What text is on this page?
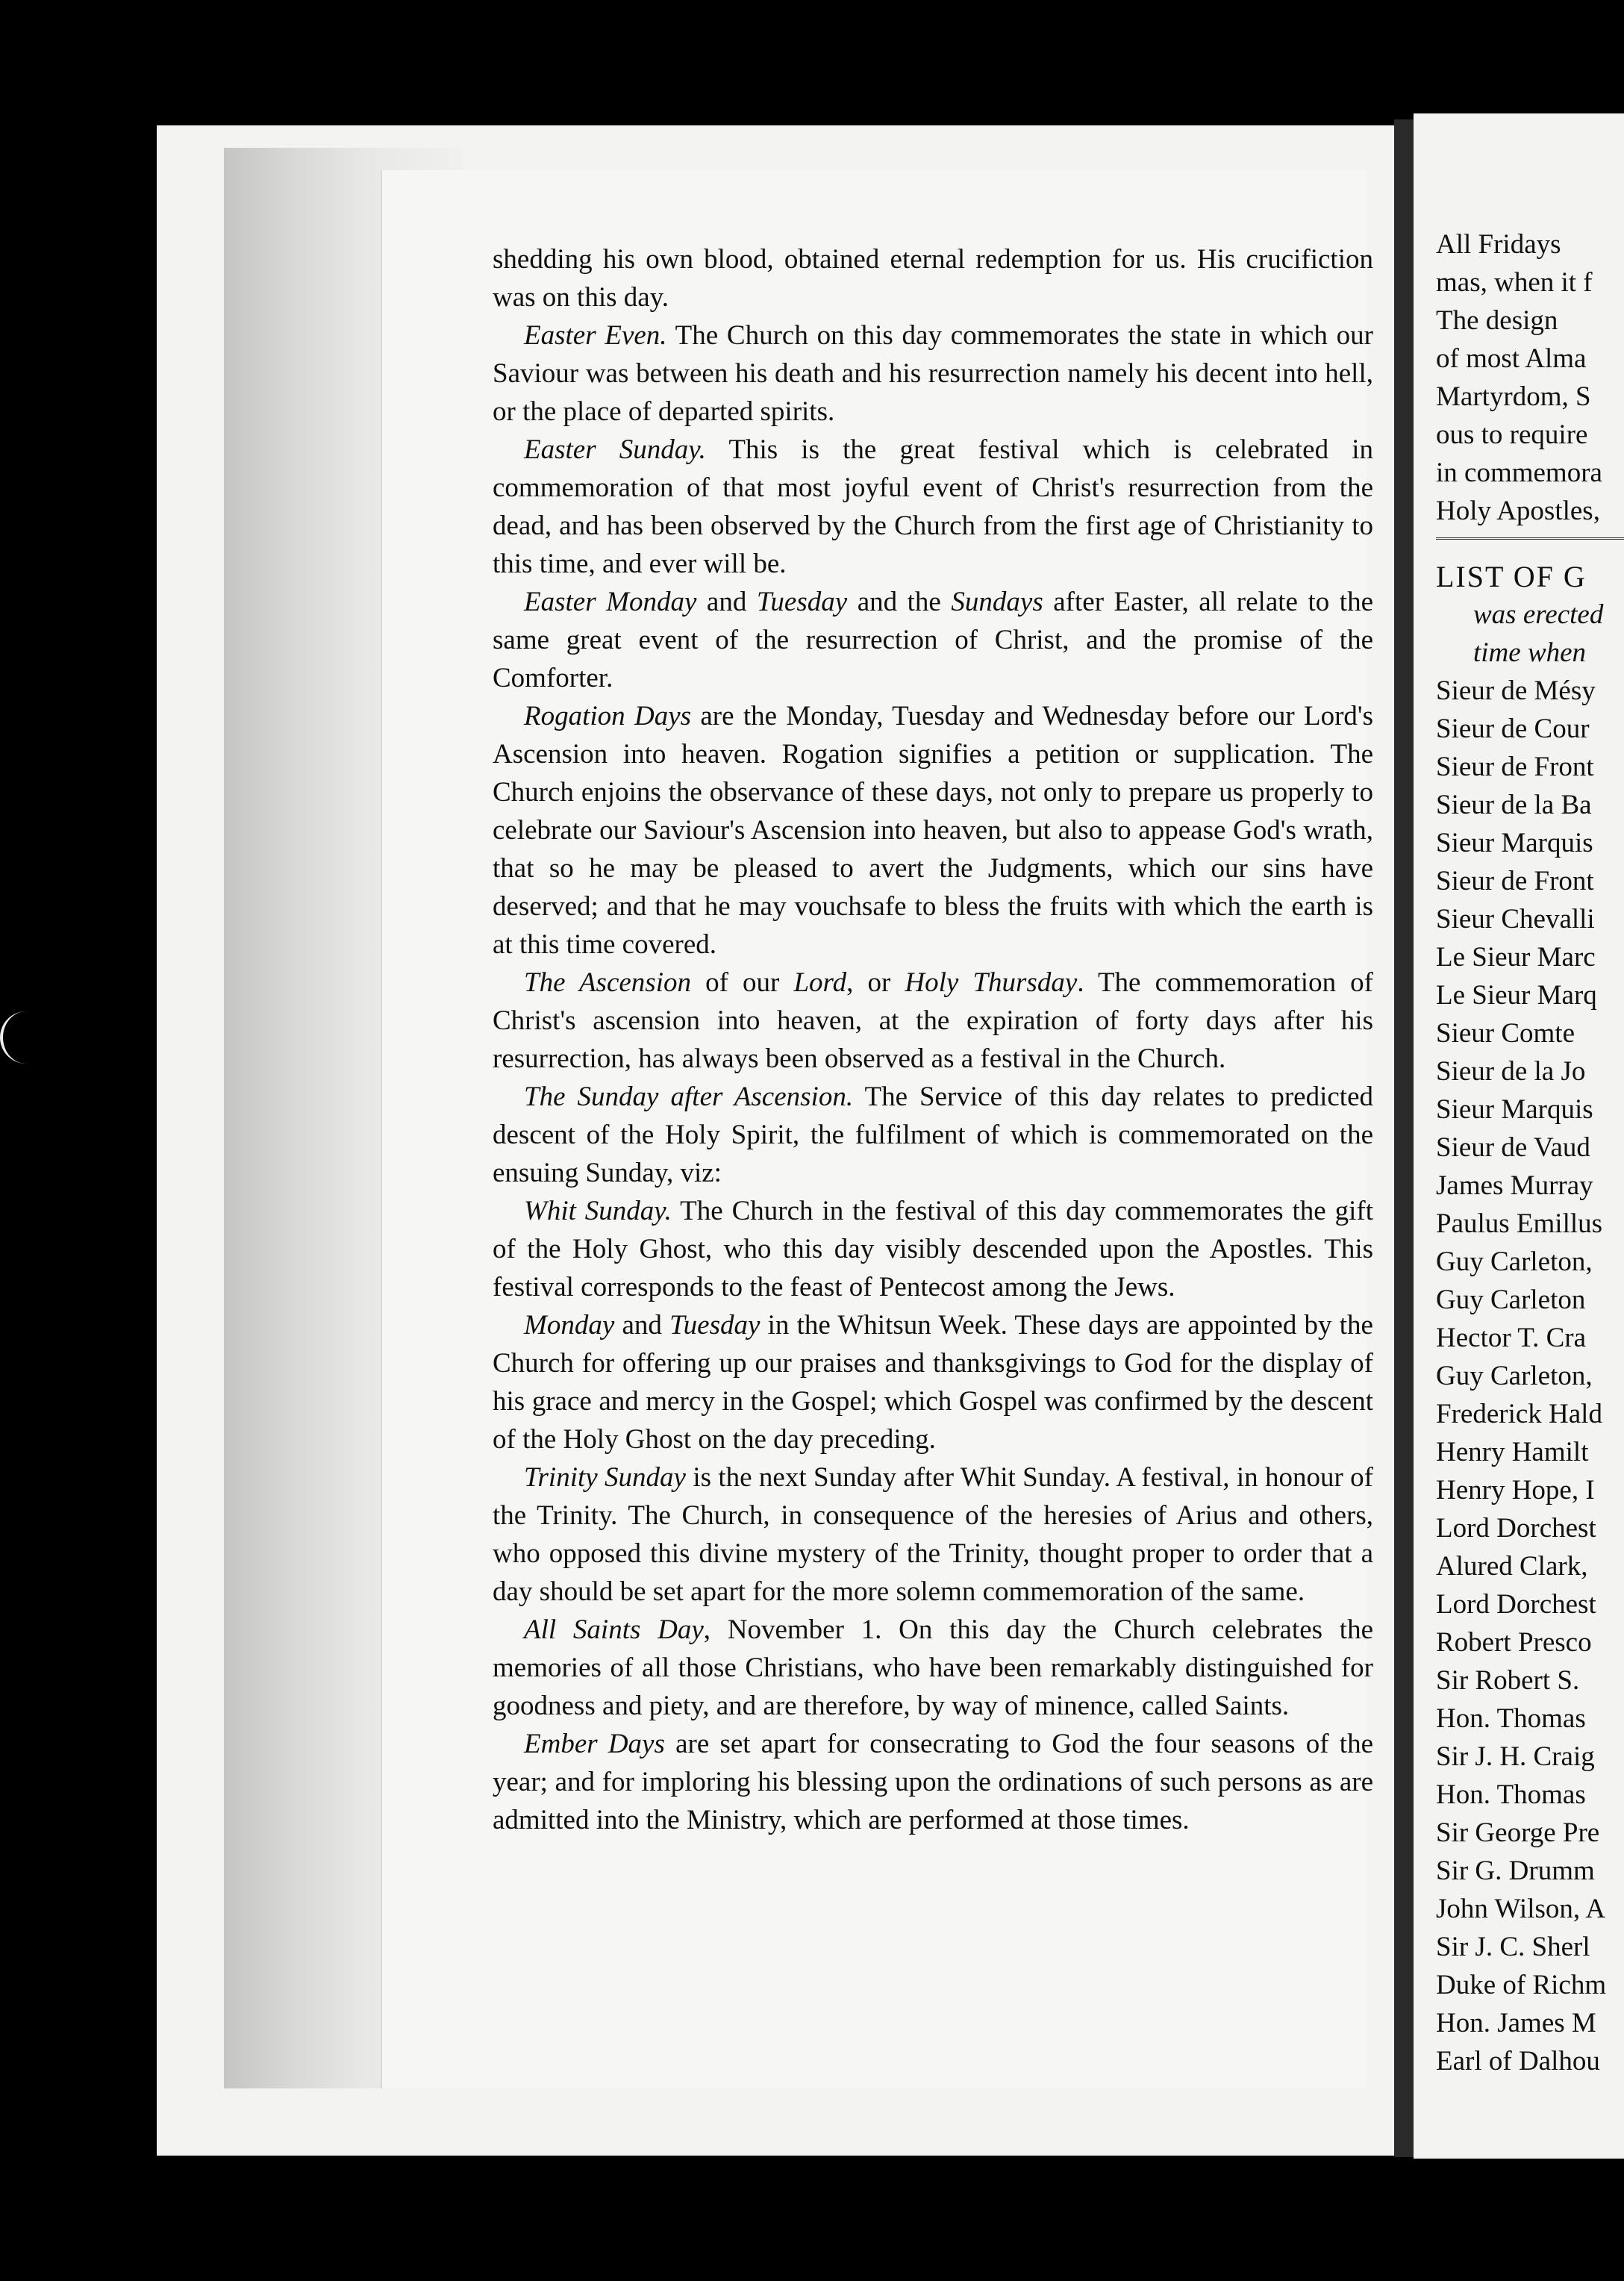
shedding his own blood, obtained eternal redemption for us. His crucifiction was on this day.

Easter Even. The Church on this day commemorates the state in which our Saviour was between his death and his resurrection namely his decent into hell, or the place of departed spirits.

Easter Sunday. This is the great festival which is celebrated in commemoration of that most joyful event of Christ's resurrection from the dead, and has been observed by the Church from the first age of Christianity to this time, and ever will be.

Easter Monday and Tuesday and the Sundays after Easter, all relate to the same great event of the resurrection of Christ, and the promise of the Comforter.

Rogation Days are the Monday, Tuesday and Wednesday before our Lord's Ascension into heaven. Rogation signifies a petition or supplication. The Church enjoins the observance of these days, not only to prepare us properly to celebrate our Saviour's Ascension into heaven, but also to appease God's wrath, that so he may be pleased to avert the Judgments, which our sins have deserved; and that he may vouchsafe to bless the fruits with which the earth is at this time covered.

The Ascension of our Lord, or Holy Thursday. The commemoration of Christ's ascension into heaven, at the expiration of forty days after his resurrection, has always been observed as a festival in the Church.

The Sunday after Ascension. The Service of this day relates to predicted descent of the Holy Spirit, the fulfilment of which is commemorated on the ensuing Sunday, viz:

Whit Sunday. The Church in the festival of this day commemorates the gift of the Holy Ghost, who this day visibly descended upon the Apostles. This festival corresponds to the feast of Pentecost among the Jews.

Monday and Tuesday in the Whitsun Week. These days are appointed by the Church for offering up our praises and thanksgivings to God for the display of his grace and mercy in the Gospel; which Gospel was confirmed by the descent of the Holy Ghost on the day preceding.

Trinity Sunday is the next Sunday after Whit Sunday. A festival, in honour of the Trinity. The Church, in consequence of the heresies of Arius and others, who opposed this divine mystery of the Trinity, thought proper to order that a day should be set apart for the more solemn commemoration of the same.

All Saints Day, November 1. On this day the Church celebrates the memories of all those Christians, who have been remarkably distinguished for goodness and piety, and are therefore, by way of minence, called Saints.

Ember Days are set apart for consecrating to God the four seasons of the year; and for imploring his blessing upon the ordinations of such persons as are admitted into the Ministry, which are performed at those times.

All Fridays
mas, when it f
The design
of most Alma
Martyrdom, S
ous to require
in commemora
Holy Apostles,
LIST OF G
was erected
time when
Sieur de Mésy
Sieur de Cour
Sieur de Front
Sieur de la Ba
Sieur Marquis
Sieur de Front
Sieur Chevalli
Le Sieur Marc
Le Sieur Marq
Sieur Comte
Sieur de la Jo
Sieur Marquis
Sieur de Vaud
James Murray
Paulus Emillus
Guy Carleton,
Guy Carleton
Hector T. Cra
Guy Carleton,
Frederick Hald
Henry Hamilt
Henry Hope, I
Lord Dorchest
Alured Clark,
Lord Dorchest
Robert Presco
Sir Robert S.
Hon. Thomas
Sir J. H. Craig
Hon. Thomas
Sir George Pre
Sir G. Drumm
John Wilson, A
Sir J. C. Sherl
Duke of Richm
Hon. James M
Earl of Dalhou
